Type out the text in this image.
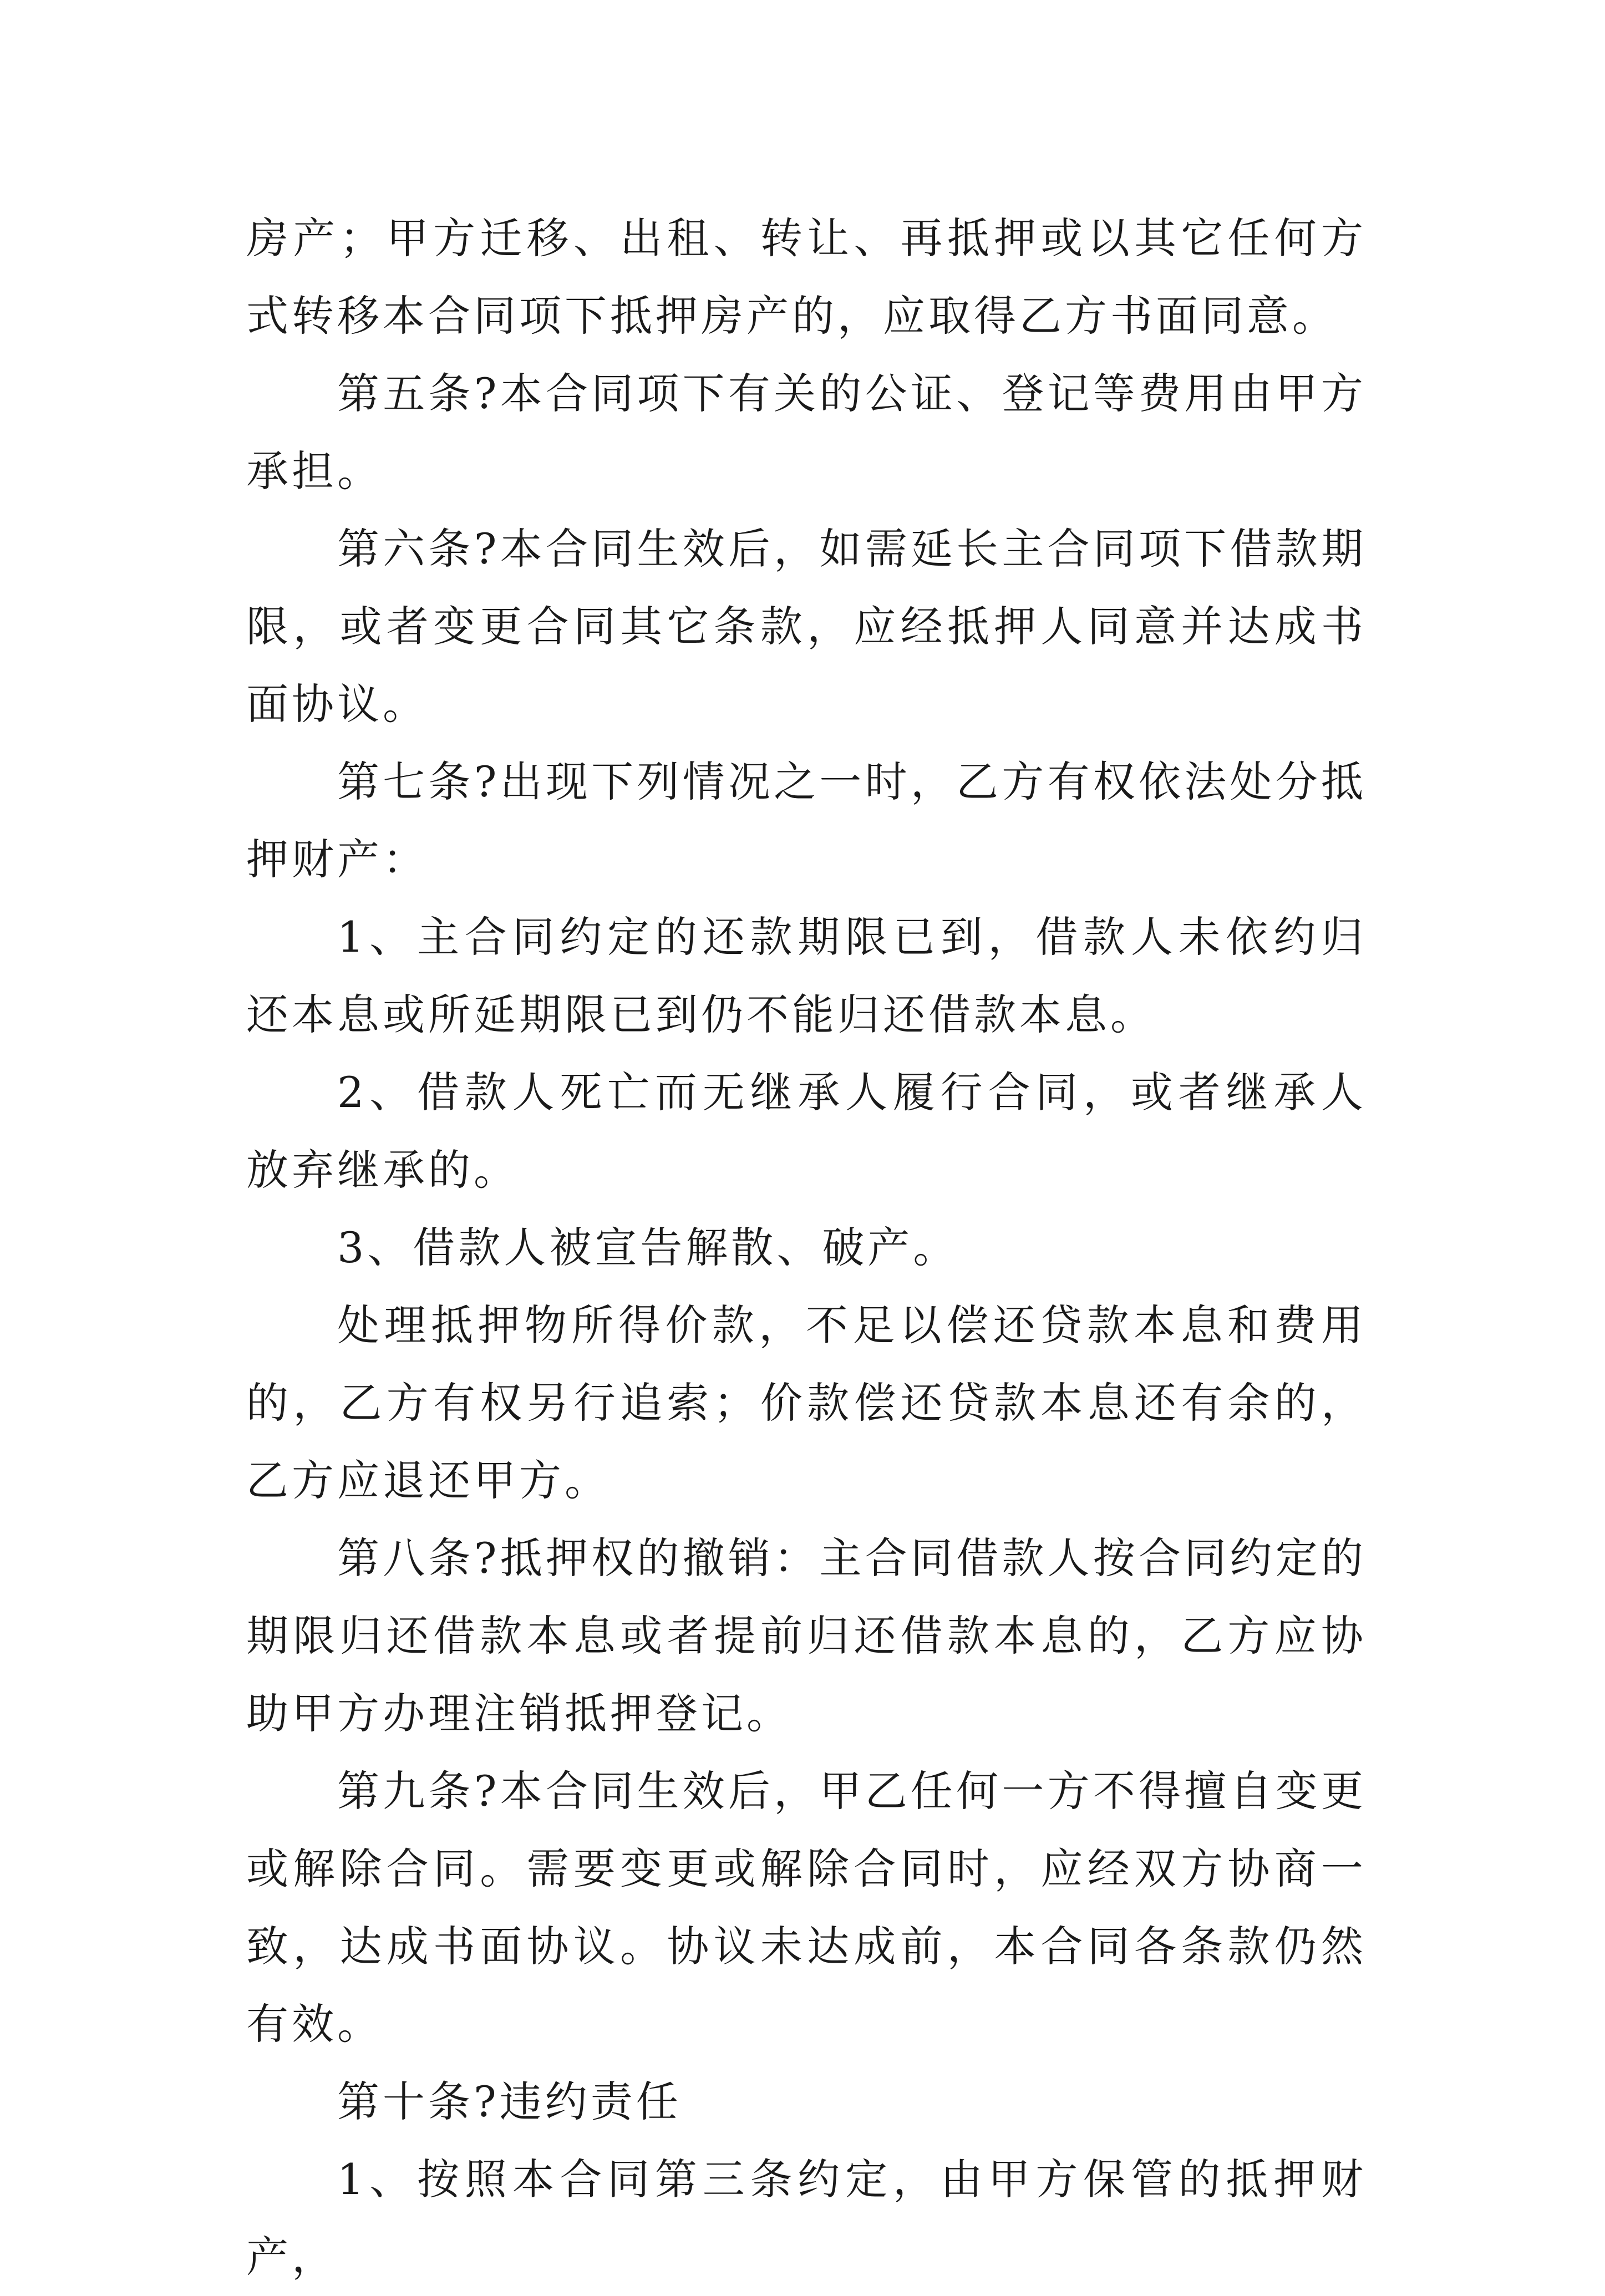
房产；甲方迁移、出租、转让、再抵押或以其它任何方式转移本合同项下抵押房产的，应取得乙方书面同意。

第五条?本合同项下有关的公证、登记等费用由甲方承担。

第六条?本合同生效后，如需延长主合同项下借款期限，或者变更合同其它条款，应经抵押人同意并达成书面协议。

第七条?出现下列情况之一时，乙方有权依法处分抵押财产：

1、主合同约定的还款期限已到，借款人未依约归还本息或所延期限已到仍不能归还借款本息。

2、借款人死亡而无继承人履行合同，或者继承人放弃继承的。

3、借款人被宣告解散、破产。

处理抵押物所得价款，不足以偿还贷款本息和费用的，乙方有权另行追索；价款偿还贷款本息还有余的，乙方应退还甲方。

第八条?抵押权的撤销：主合同借款人按合同约定的期限归还借款本息或者提前归还借款本息的，乙方应协助甲方办理注销抵押登记。

第九条?本合同生效后，甲乙任何一方不得擅自变更或解除合同。需要变更或解除合同时，应经双方协商一致，达成书面协议。协议未达成前，本合同各条款仍然有效。

第十条?违约责任

1、按照本合同第三条约定，由甲方保管的抵押财产，
